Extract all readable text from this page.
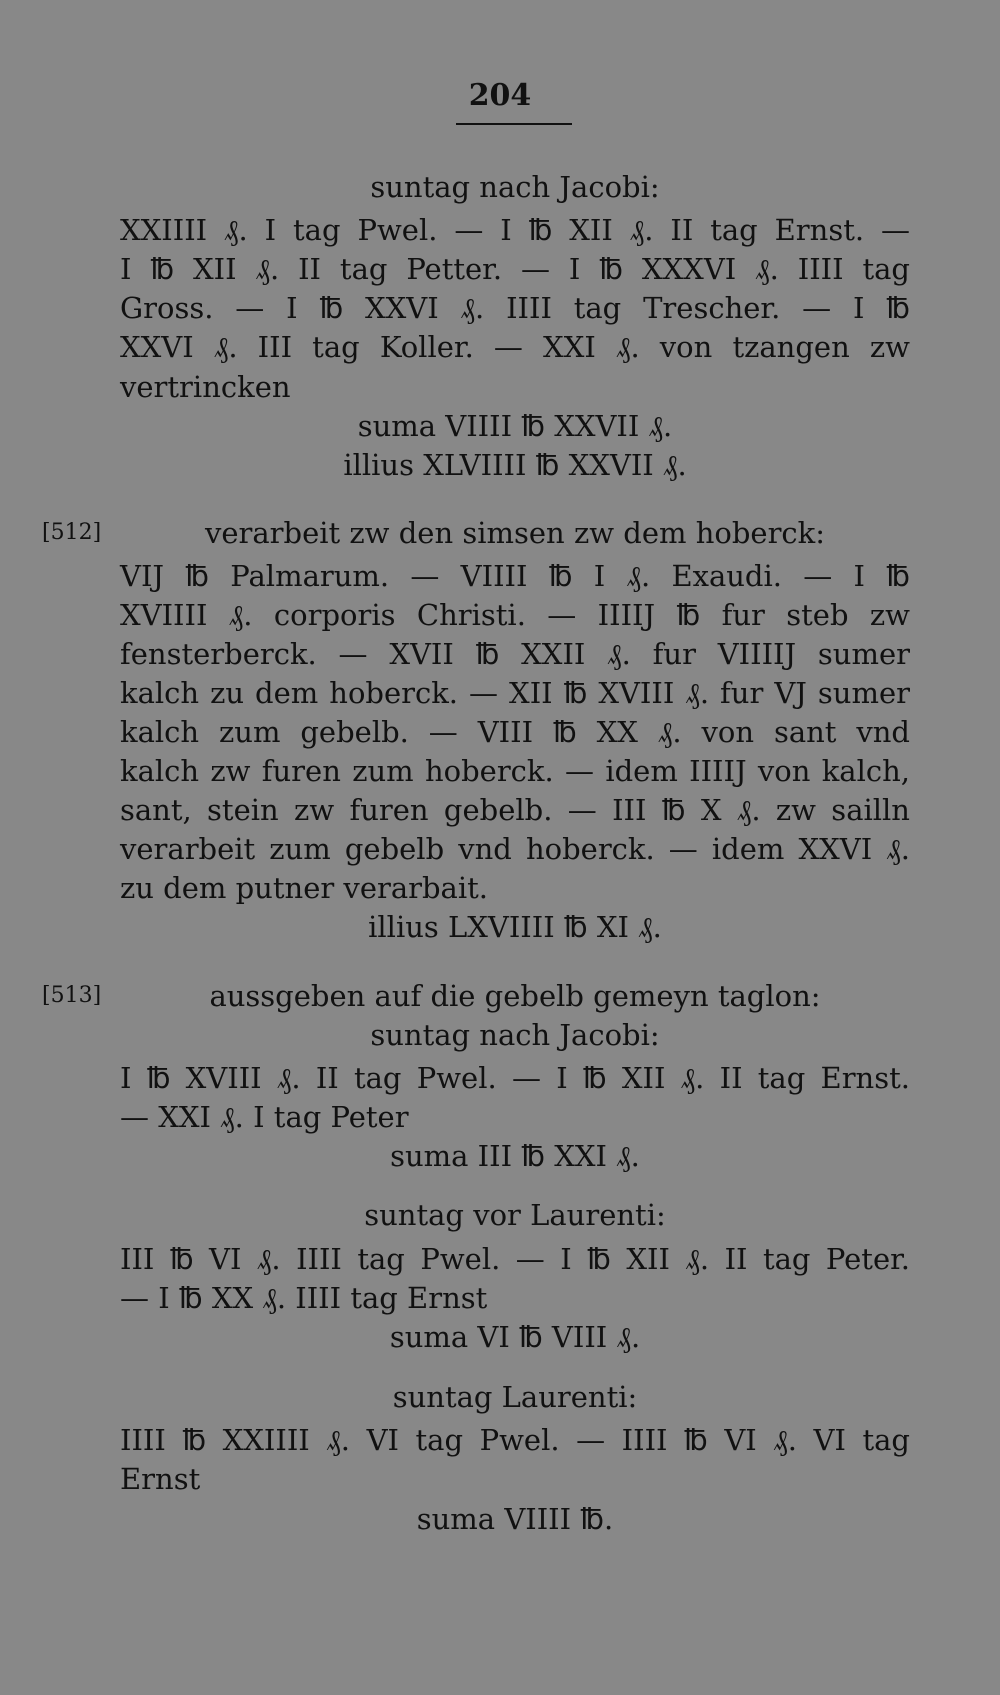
204
suntag nach Jacobi:
XXIIII ₰. I tag Pwel. — I ℔ XII ₰. II tag Ernst. —
I ℔ XII ₰. II tag Petter. — I ℔ XXXVI ₰. IIII tag
Gross. — I ℔ XXVI ₰. IIII tag Trescher. — I ℔
XXVI ₰. III tag Koller. — XXI ₰. von tzangen zw
vertrincken
suma VIIII ℔ XXVII ₰.
illius XLVIIII ℔ XXVII ₰.
[512]	verarbeit zw den simsen zw dem hoberck:
VIJ ℔ Palmarum. — VIIII ℔ I ₰. Exaudi. — I ℔
XVIIII ₰. corporis Christi. — IIIIJ ℔ fur steb zw
fensterberck. — XVII ℔ XXII ₰. fur VIIIIJ sumer
kalch zu dem hoberck. — XII ℔ XVIII ₰. fur VJ sumer
kalch zum gebelb. — VIII ℔ XX ₰. von sant vnd
kalch zw furen zum hoberck. — idem IIIIJ von kalch,
sant, stein zw furen gebelb. — III ℔ X ₰. zw sailln
verarbeit zum gebelb vnd hoberck. — idem XXVI ₰.
zu dem putner verarbait.
illius LXVIIII ℔ XI ₰.
[513]	aussgeben auf die gebelb gemeyn taglon:
suntag nach Jacobi:
I ℔ XVIII ₰. II tag Pwel. — I ℔ XII ₰. II tag Ernst.
— XXI ₰. I tag Peter
suma III ℔ XXI ₰.
suntag vor Laurenti:
III ℔ VI ₰. IIII tag Pwel. — I ℔ XII ₰. II tag Peter.
— I ℔ XX ₰. IIII tag Ernst
suma VI ℔ VIII ₰.
suntag Laurenti:
IIII ℔ XXIIII ₰. VI tag Pwel. — IIII ℔ VI ₰. VI tag
Ernst
suma VIIII ℔.
